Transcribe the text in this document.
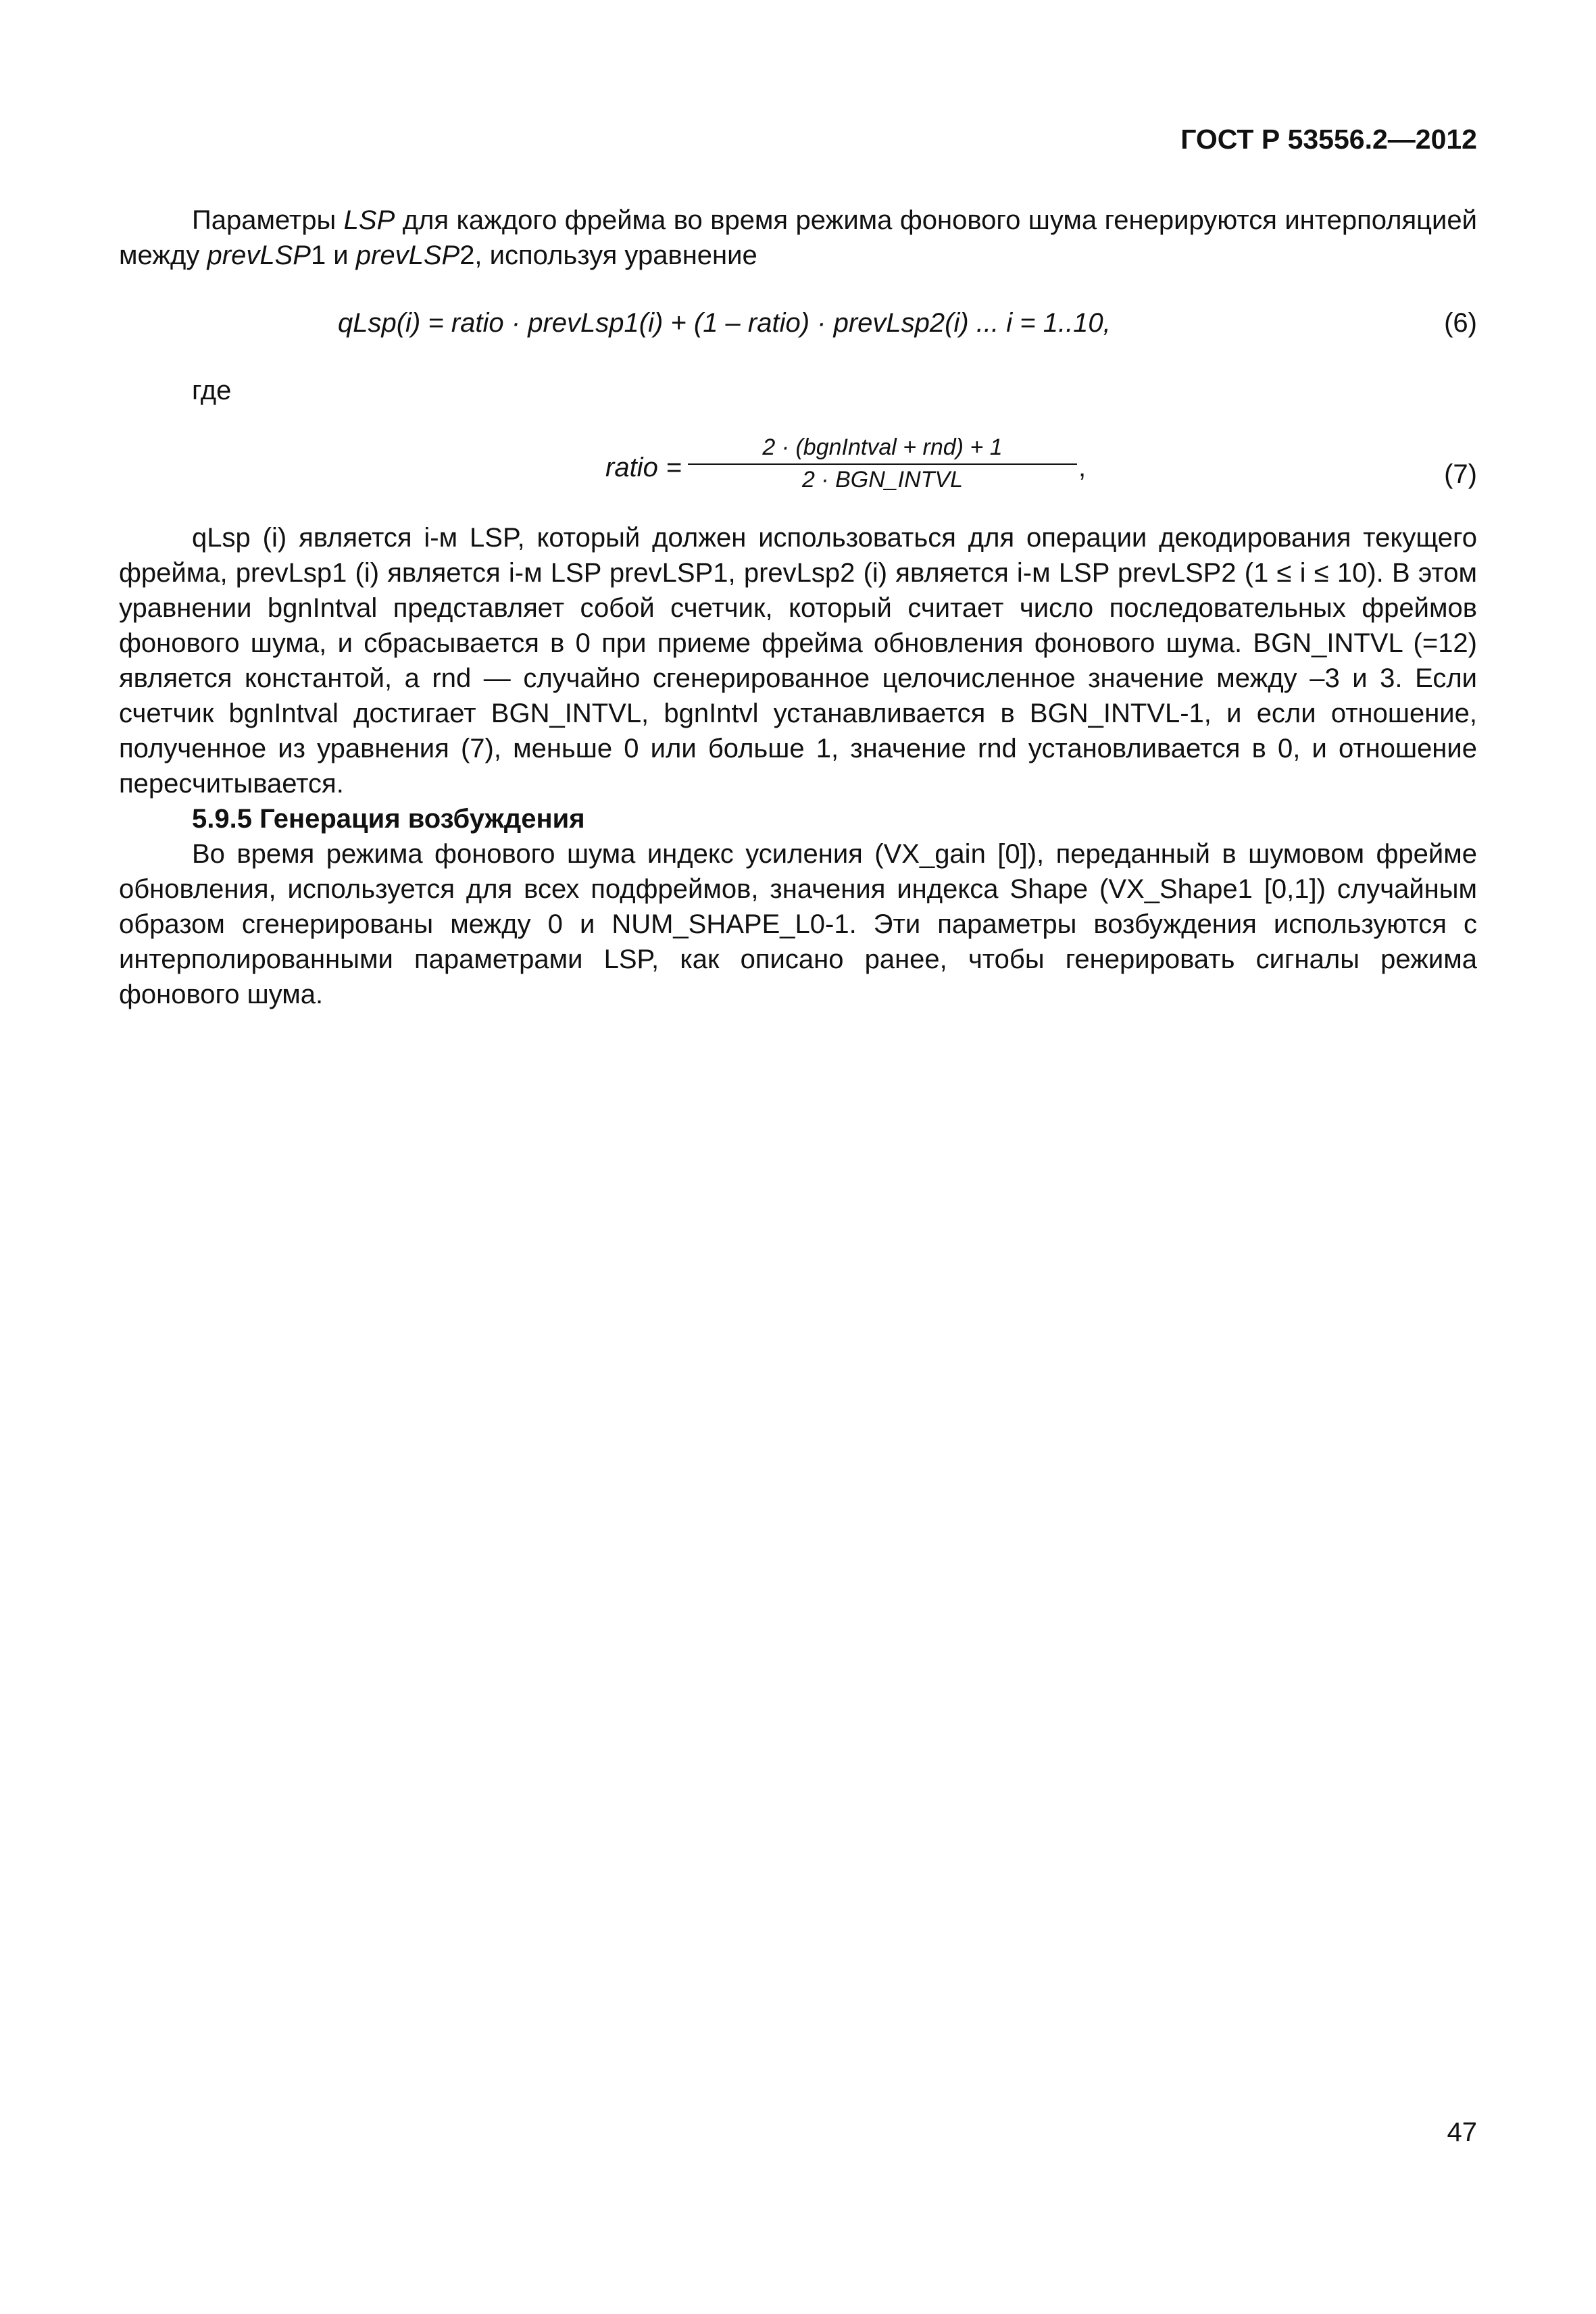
ГОСТ Р 53556.2—2012

Параметры LSP для каждого фрейма во время режима фонового шума генерируются интерполяцией между prevLSP1 и prevLSP2, используя уравнение

qLsp(i) = ratio · prevLsp1(i) + (1 – ratio) · prevLsp2(i) ... i = 1..10,	(6)
где
ratio =
2 · (bgnIntval + rnd) + 1
2 · BGN_INTVL	,	(7)

qLsp (i) является i-м LSP, который должен использоваться для операции декодирования текущего фрейма, prevLsp1 (i) является i-м LSP prevLSP1, prevLsp2 (i) является i-м LSP prevLSP2 (1 ≤ i ≤ 10). В этом уравнении bgnIntval представляет собой счетчик, который считает число последовательных фреймов фонового шума, и сбрасывается в 0 при приеме фрейма обновления фонового шума. BGN_INTVL (=12) является константой, а rnd — случайно сгенерированное целочисленное значение между –3 и 3. Если счетчик bgnIntval достигает BGN_INTVL, bgnIntvl устанавливается в BGN_INTVL-1, и если отношение, полученное из уравнения (7), меньше 0 или больше 1, значение rnd установливается в 0, и отношение пересчитывается.

5.9.5 Генерация возбуждения

Во время режима фонового шума индекс усиления (VX_gain [0]), переданный в шумовом фрейме обновления, используется для всех подфреймов, значения индекса Shape (VX_Shape1 [0,1]) случайным образом сгенерированы между 0 и NUM_SHAPE_L0-1. Эти параметры возбуждения используются с интерполированными параметрами LSP, как описано ранее, чтобы генерировать сигналы режима фонового шума.

47
